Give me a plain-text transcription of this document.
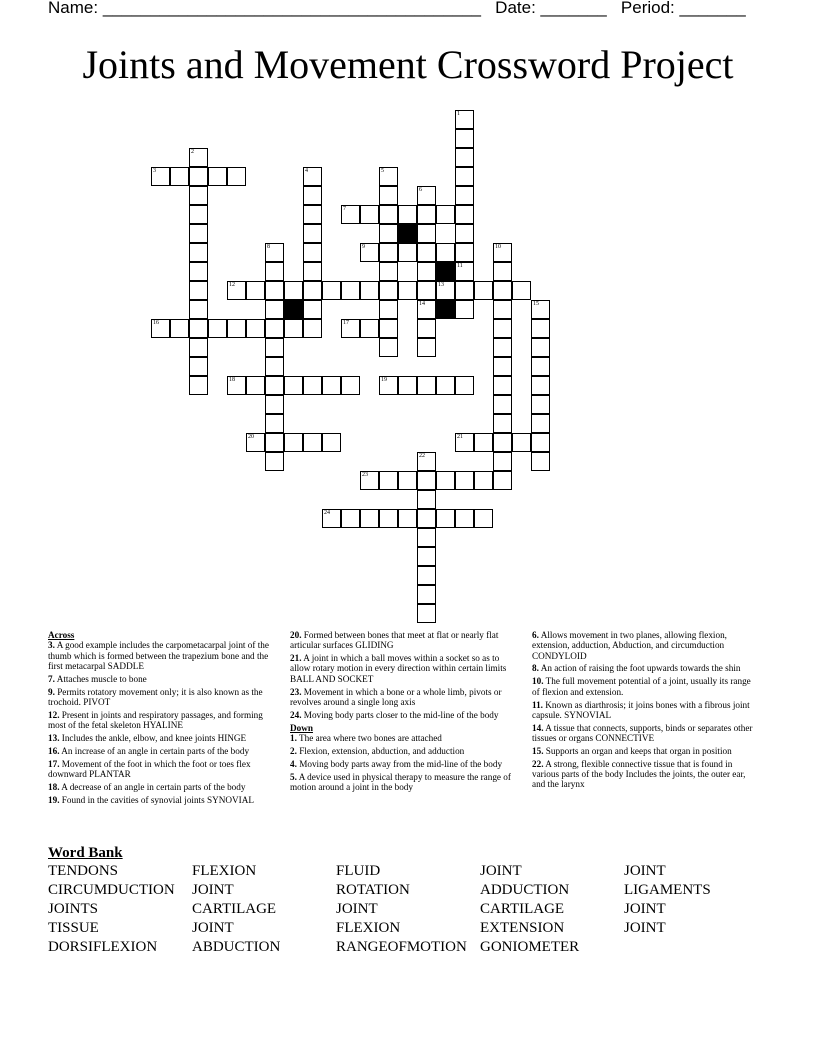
Name: ________________________________________ Date: _______ Period: _______
Joints and Movement Crossword Project
1
11
2
3	4	5
6
14
7
8	9	10
12	13
15
16	17
18	19
20	21
22
23
24
Across
3. A good example includes the carpometacarpal joint of the thumb which is formed between the trapezium bone and the first metacarpal SADDLE
7. Attaches muscle to bone
9. Permits rotatory movement only; it is also known as the trochoid. PIVOT
12. Present in joints and respiratory passages, and forming most of the fetal skeleton HYALINE
13. Includes the ankle, elbow, and knee joints HINGE
16. An increase of an angle in certain parts of the body
17. Movement of the foot in which the foot or toes flex downward PLANTAR
18. A decrease of an angle in certain parts of the body
19. Found in the cavities of synovial joints SYNOVIAL
20. Formed between bones that meet at flat or nearly flat articular surfaces GLIDING
21. A joint in which a ball moves within a socket so as to allow rotary motion in every direction within certain limits BALL AND SOCKET
23. Movement in which a bone or a whole limb, pivots or revolves around a single long axis
24. Moving body parts closer to the mid-line of the body
Down
1. The area where two bones are attached
2. Flexion, extension, abduction, and adduction
4. Moving body parts away from the mid-line of the body
5. A device used in physical therapy to measure the range of motion around a joint in the body
6. Allows movement in two planes, allowing flexion, extension, adduction, Abduction, and circumduction CONDYLOID
8. An action of raising the foot upwards towards the shin
10. The full movement potential of a joint, usually its range of flexion and extension.
11. Known as diarthrosis; it joins bones with a fibrous joint capsule. SYNOVIAL
14. A tissue that connects, supports, binds or separates other tissues or organs CONNECTIVE
15. Supports an organ and keeps that organ in position
22. A strong, flexible connective tissue that is found in various parts of the body Includes the joints, the outer ear, and the larynx
Word Bank
TENDONS
CIRCUMDUCTION
JOINTS
TISSUE
DORSIFLEXION
FLEXION
JOINT
CARTILAGE
JOINT
ABDUCTION
FLUID
ROTATION
JOINT
FLEXION
RANGEOFMOTION
JOINT
ADDUCTION
CARTILAGE
EXTENSION
GONIOMETER
JOINT
LIGAMENTS
JOINT
JOINT
